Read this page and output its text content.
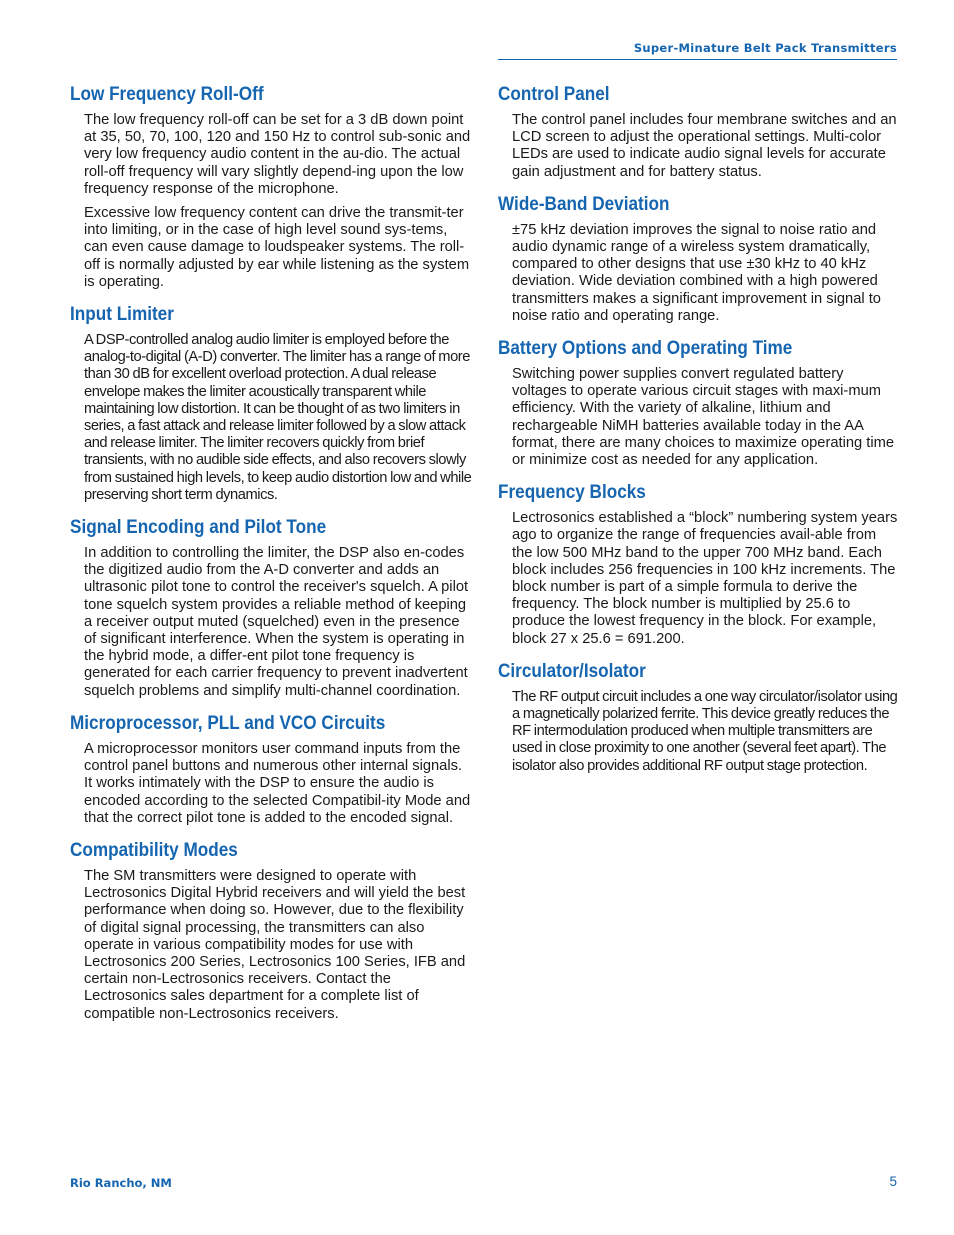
Super-Minature Belt Pack Transmitters
Low Frequency Roll-Off

The low frequency roll-off can be set for a 3 dB down point at 35, 50, 70, 100, 120 and 150 Hz to control sub-sonic and very low frequency audio content in the au-dio. The actual roll-off frequency will vary slightly depend-ing upon the low frequency response of the microphone.

Excessive low frequency content can drive the transmit-ter into limiting, or in the case of high level sound sys-tems, can even cause damage to loudspeaker systems. The roll-off is normally adjusted by ear while listening as the system is operating.

Input Limiter

A DSP-controlled analog audio limiter is employed before the analog-to-digital (A-D) converter. The limiter has a range of more than 30 dB for excellent overload protection. A dual release envelope makes the limiter acoustically transparent while maintaining low distortion. It can be thought of as two limiters in series, a fast attack and release limiter followed by a slow attack and release limiter. The limiter recovers quickly from brief transients, with no audible side effects, and also recovers slowly from sustained high levels, to keep audio distortion low and while preserving short term dynamics.

Signal Encoding and Pilot Tone

In addition to controlling the limiter, the DSP also en-codes the digitized audio from the A-D converter and adds an ultrasonic pilot tone to control the receiver's squelch. A pilot tone squelch system provides a reliable method of keeping a receiver output muted (squelched) even in the presence of significant interference. When the system is operating in the hybrid mode, a differ-ent pilot tone frequency is generated for each carrier frequency to prevent inadvertent squelch problems and simplify multi-channel coordination.

Microprocessor, PLL and VCO Circuits

A microprocessor monitors user command inputs from the control panel buttons and numerous other internal signals. It works intimately with the DSP to ensure the audio is encoded according to the selected Compatibil-ity Mode and that the correct pilot tone is added to the encoded signal.

Compatibility Modes

The SM transmitters were designed to operate with Lectrosonics Digital Hybrid receivers and will yield the best performance when doing so. However, due to the flexibility of digital signal processing, the transmitters can also operate in various compatibility modes for use with Lectrosonics 200 Series, Lectrosonics 100 Series, IFB and certain non-Lectrosonics receivers. Contact the Lectrosonics sales department for a complete list of compatible non-Lectrosonics receivers.

Control Panel

The control panel includes four membrane switches and an LCD screen to adjust the operational settings. Multi-color LEDs are used to indicate audio signal levels for accurate gain adjustment and for battery status.

Wide-Band Deviation

±75 kHz deviation improves the signal to noise ratio and audio dynamic range of a wireless system dramatically, compared to other designs that use ±30 kHz to 40 kHz deviation. Wide deviation combined with a high powered transmitters makes a significant improvement in signal to noise ratio and operating range.

Battery Options and Operating Time

Switching power supplies convert regulated battery voltages to operate various circuit stages with maxi-mum efficiency. With the variety of alkaline, lithium and rechargeable NiMH batteries available today in the AA format, there are many choices to maximize operating time or minimize cost as needed for any application.

Frequency Blocks

Lectrosonics established a “block” numbering system years ago to organize the range of frequencies avail-able from the low 500 MHz band to the upper 700 MHz band. Each block includes 256 frequencies in 100 kHz increments. The block number is part of a simple formula to derive the frequency. The block number is multiplied by 25.6 to produce the lowest frequency in the block. For example, block 27 x 25.6 = 691.200.

Circulator/Isolator

The RF output circuit includes a one way circulator/isolator using a magnetically polarized ferrite. This device greatly reduces the RF intermodulation produced when multiple transmitters are used in close proximity to one another (several feet apart). The isolator also provides additional RF output stage protection.

Rio Rancho, NM	5
